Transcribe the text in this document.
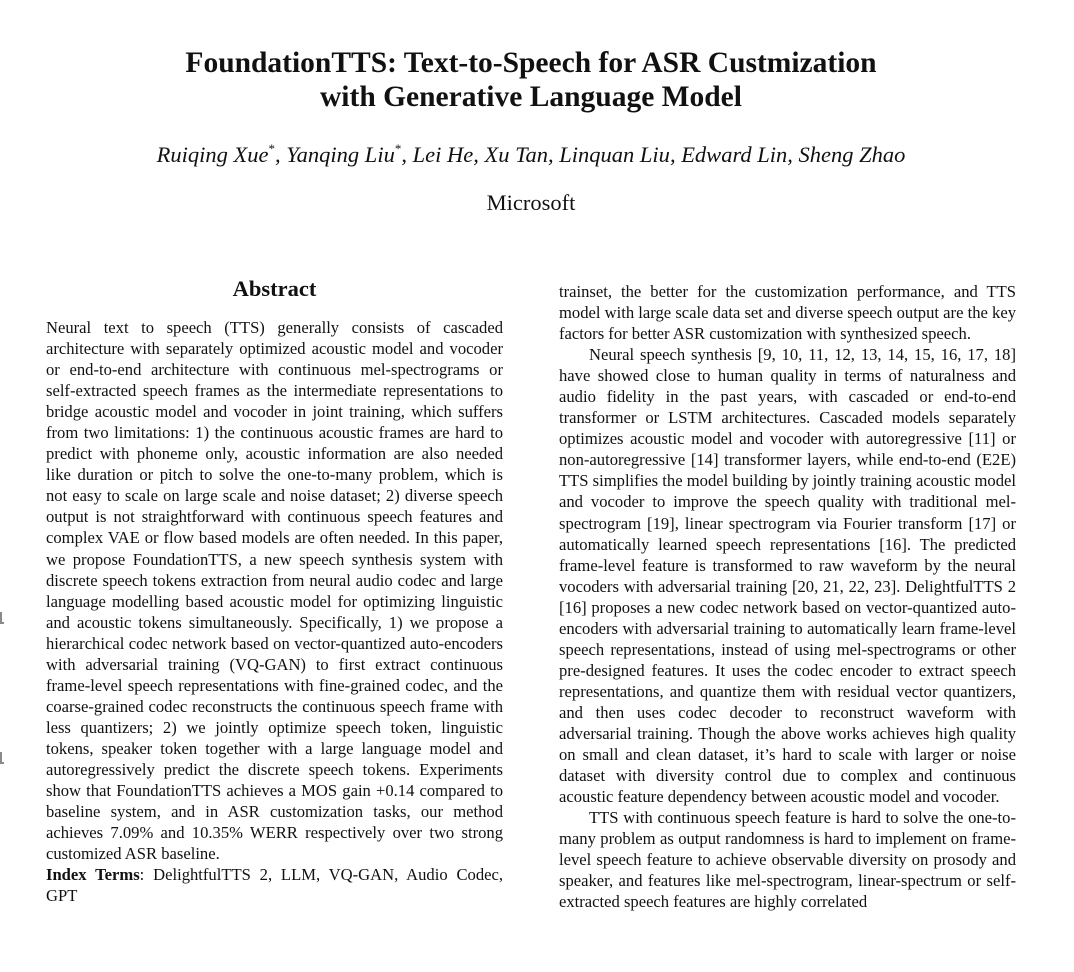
FoundationTTS: Text-to-Speech for ASR Custmization
with Generative Language Model
Ruiqing Xue*, Yanqing Liu*, Lei He, Xu Tan, Linquan Liu, Edward Lin, Sheng Zhao
Microsoft
Abstract

Neural text to speech (TTS) generally consists of cascaded architecture with separately optimized acoustic model and vocoder or end-to-end architecture with continuous mel-spectrograms or self-extracted speech frames as the intermediate representations to bridge acoustic model and vocoder in joint training, which suffers from two limitations: 1) the continuous acoustic frames are hard to predict with phoneme only, acoustic information are also needed like duration or pitch to solve the one-to-many problem, which is not easy to scale on large scale and noise dataset; 2) diverse speech output is not straightforward with continuous speech features and complex VAE or flow based models are often needed. In this paper, we propose FoundationTTS, a new speech synthesis system with discrete speech tokens extraction from neural audio codec and large language modelling based acoustic model for optimizing linguistic and acoustic tokens simultaneously. Specifically, 1) we propose a hierarchical codec network based on vector-quantized auto-encoders with adversarial training (VQ-GAN) to first extract continuous frame-level speech representations with fine-grained codec, and the coarse-grained codec reconstructs the continuous speech frame with less quantizers; 2) we jointly optimize speech token, linguistic tokens, speaker token together with a large language model and autoregressively predict the discrete speech tokens. Experiments show that FoundationTTS achieves a MOS gain +0.14 compared to baseline system, and in ASR customization tasks, our method achieves 7.09% and 10.35% WERR respectively over two strong customized ASR baseline.

Index Terms: DelightfulTTS 2, LLM, VQ-GAN, Audio Codec, GPT

trainset, the better for the customization performance, and TTS model with large scale data set and diverse speech output are the key factors for better ASR customization with synthesized speech.

Neural speech synthesis [9, 10, 11, 12, 13, 14, 15, 16, 17, 18] have showed close to human quality in terms of naturalness and audio fidelity in the past years, with cascaded or end-to-end transformer or LSTM architectures. Cascaded models separately optimizes acoustic model and vocoder with autoregressive [11] or non-autoregressive [14] transformer layers, while end-to-end (E2E) TTS simplifies the model building by jointly training acoustic model and vocoder to improve the speech quality with traditional mel-spectrogram [19], linear spectrogram via Fourier transform [17] or automatically learned speech representations [16]. The predicted frame-level feature is transformed to raw waveform by the neural vocoders with adversarial training [20, 21, 22, 23]. DelightfulTTS 2 [16] proposes a new codec network based on vector-quantized auto-encoders with adversarial training to automatically learn frame-level speech representations, instead of using mel-spectrograms or other pre-designed features. It uses the codec encoder to extract speech representations, and quantize them with residual vector quantizers, and then uses codec decoder to reconstruct waveform with adversarial training. Though the above works achieves high quality on small and clean dataset, it’s hard to scale with larger or noise dataset with diversity control due to complex and continuous acoustic feature dependency between acoustic model and vocoder.

TTS with continuous speech feature is hard to solve the one-to-many problem as output randomness is hard to implement on frame-level speech feature to achieve observable diversity on prosody and speaker, and features like mel-spectrogram, linear-spectrum or self-extracted speech features are highly correlated
